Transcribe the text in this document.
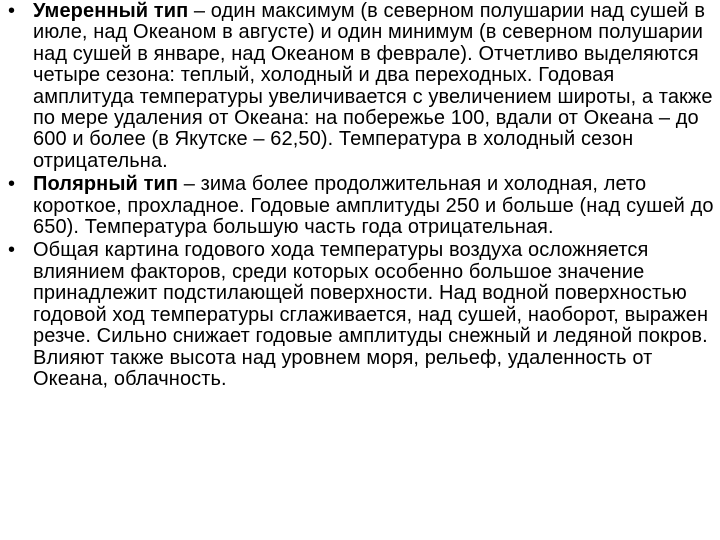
• Умеренный тип – один максимум (в северном полушарии над сушей в июле, над Океаном в августе) и один минимум (в северном полушарии над сушей в январе, над Океаном в феврале). Отчетливо выделяются четыре сезона: теплый, холодный и два переходных. Годовая амплитуда температуры увеличивается с увеличением широты, а также по мере удаления от Океана: на побережье 100, вдали от Океана – до 600 и более (в Якутске – 62,50). Температура в холодный сезон отрицательна.
• Полярный тип – зима более продолжительная и холодная, лето короткое, прохладное. Годовые амплитуды 250 и больше (над сушей до 650). Температура большую часть года отрицательная.
• Общая картина годового хода температуры воздуха осложняется влиянием факторов, среди которых особенно большое значение принадлежит подстилающей поверхности. Над водной поверхностью годовой ход температуры сглаживается, над сушей, наоборот, выражен резче. Сильно снижает годовые амплитуды снежный и ледяной покров. Влияют также высота над уровнем моря, рельеф, удаленность от Океана, облачность.
